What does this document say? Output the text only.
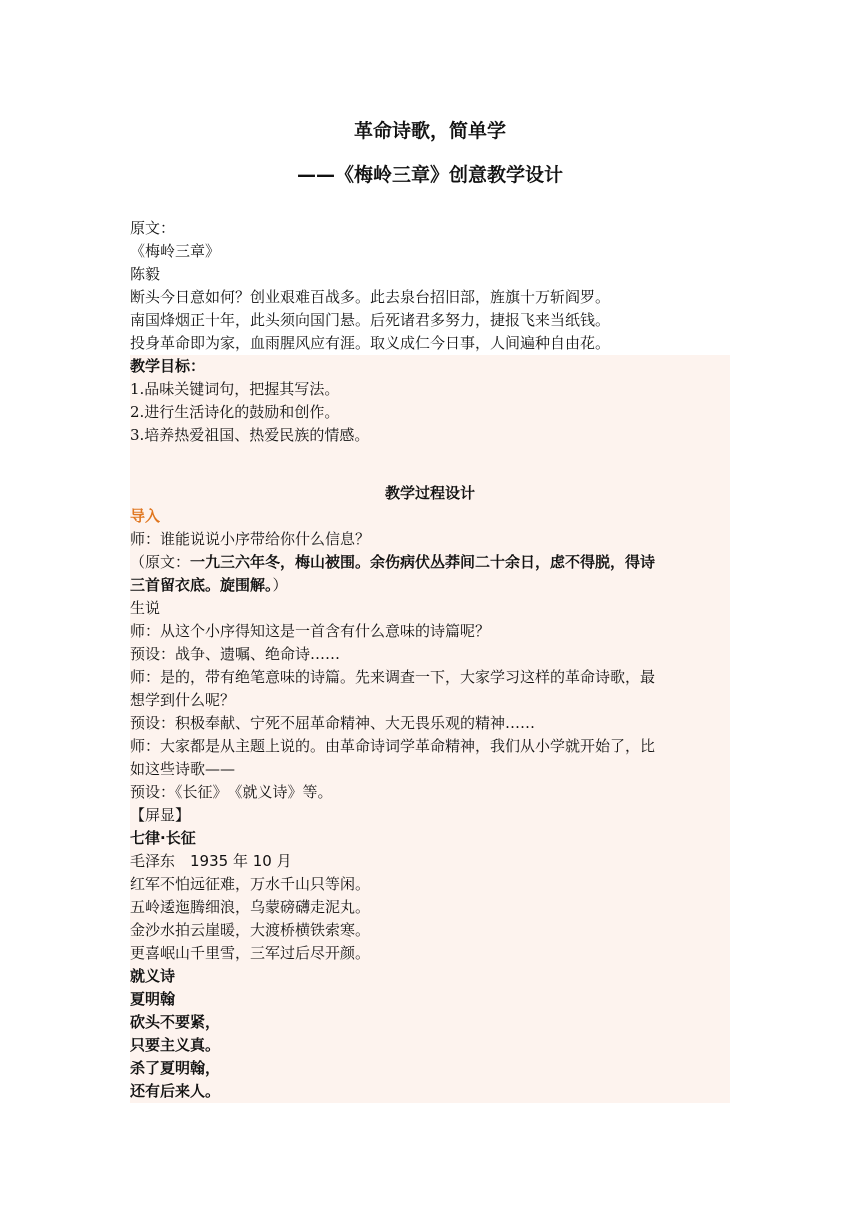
革命诗歌，简单学
——《梅岭三章》创意教学设计
原文：
《梅岭三章》
陈毅
断头今日意如何？创业艰难百战多。此去泉台招旧部，旌旗十万斩阎罗。
南国烽烟正十年，此头须向国门悬。后死诸君多努力，捷报飞来当纸钱。
投身革命即为家，血雨腥风应有涯。取义成仁今日事，人间遍种自由花。
教学目标：
1.品味关键词句，把握其写法。
2.进行生活诗化的鼓励和创作。
3.培养热爱祖国、热爱民族的情感。
教学过程设计
导入
师：谁能说说小序带给你什么信息？
（原文：一九三六年冬，梅山被围。余伤病伏丛莽间二十余日，虑不得脱，得诗
三首留衣底。旋围解。）
生说
师：从这个小序得知这是一首含有什么意味的诗篇呢？
预设：战争、遗嘱、绝命诗……
师：是的，带有绝笔意味的诗篇。先来调查一下，大家学习这样的革命诗歌，最
想学到什么呢？
预设：积极奉献、宁死不屈革命精神、大无畏乐观的精神……
师：大家都是从主题上说的。由革命诗词学革命精神，我们从小学就开始了，比
如这些诗歌——
预设：《长征》　《就义诗》等。
【屏显】
七律·长征
毛泽东　1935 年 10 月
红军不怕远征难，万水千山只等闲。
五岭逶迤腾细浪，乌蒙磅礴走泥丸。
金沙水拍云崖暖，大渡桥横铁索寒。
更喜岷山千里雪，三军过后尽开颜。
就义诗
夏明翰
砍头不要紧，
只要主义真。
杀了夏明翰，
还有后来人。
